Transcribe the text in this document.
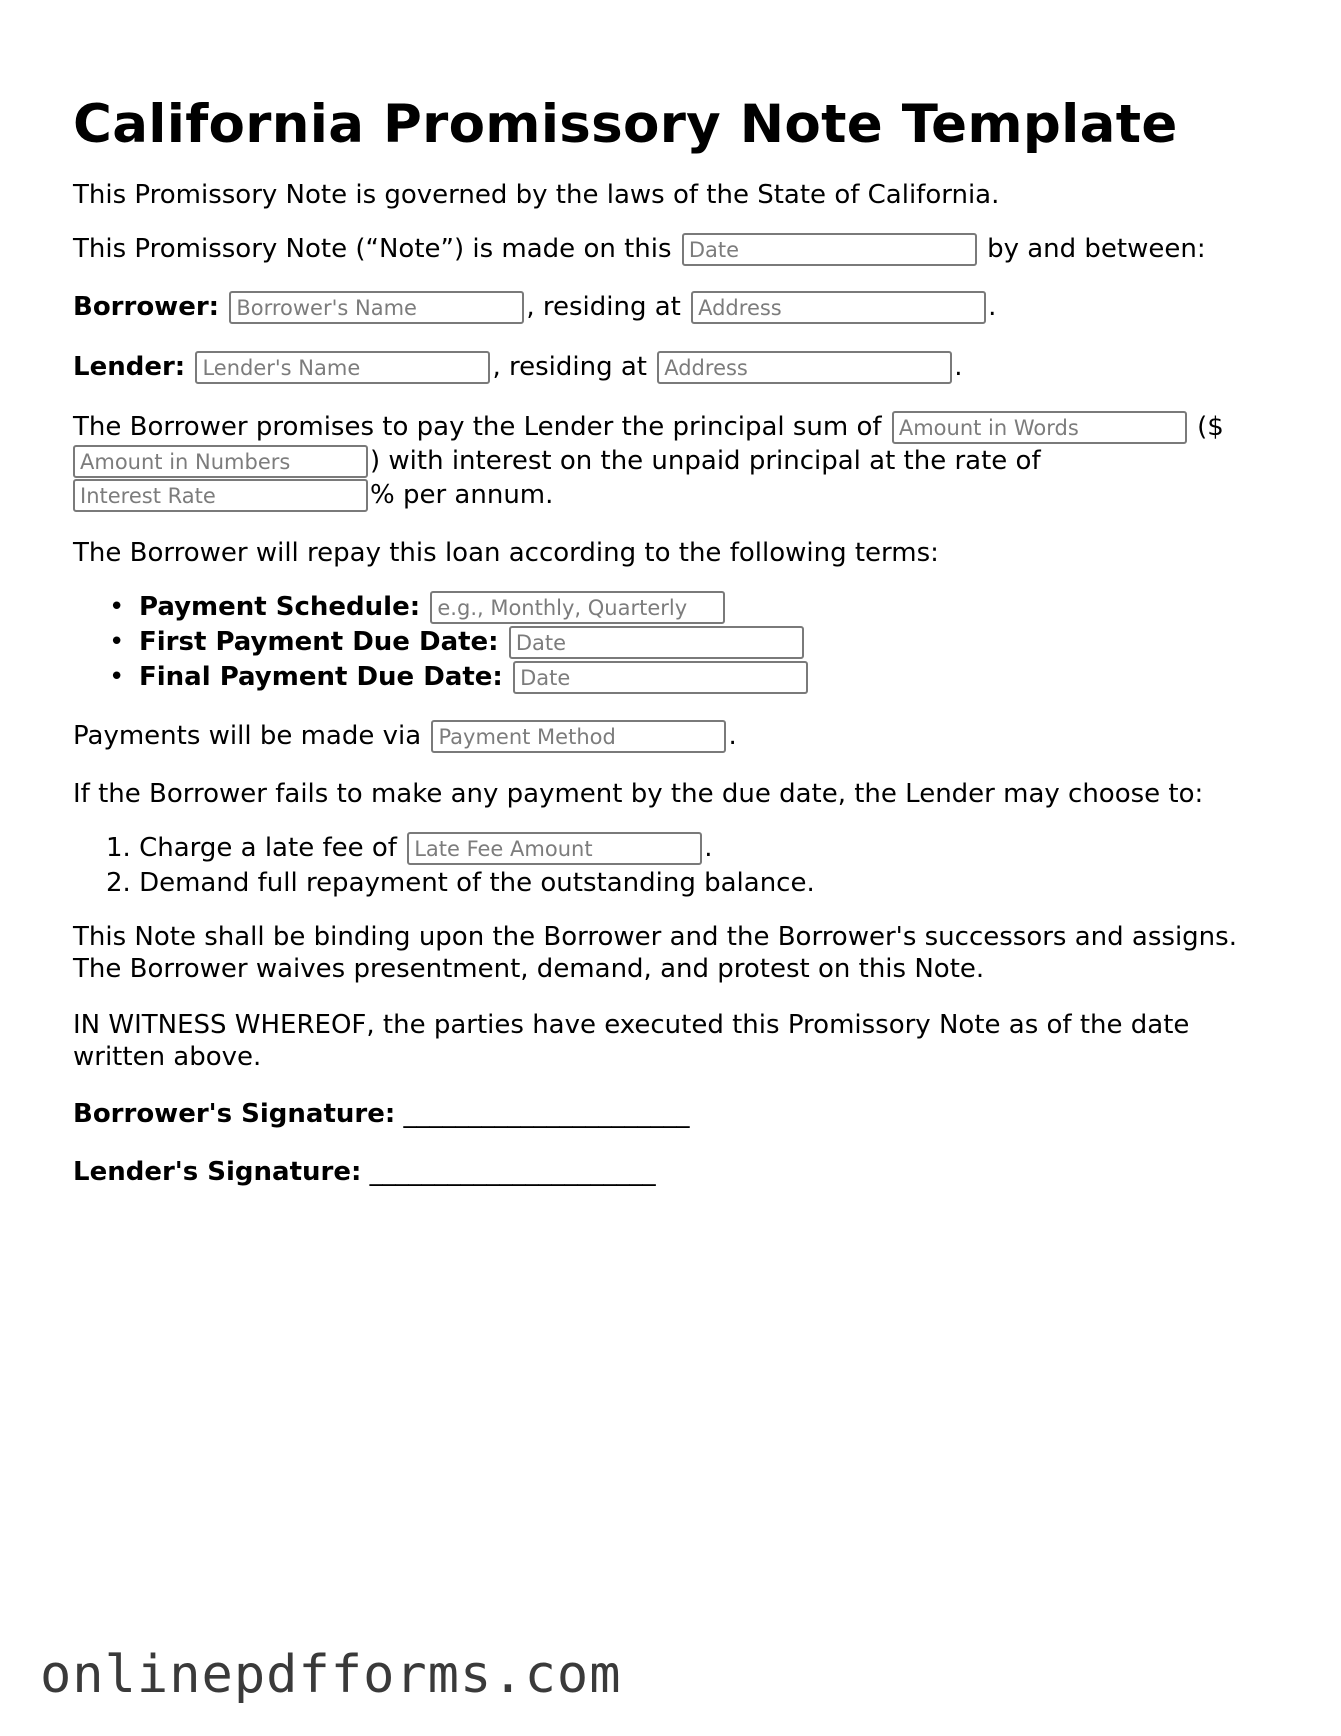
California Promissory Note Template

This Promissory Note is governed by the laws of the State of California.

This Promissory Note (“Note”) is made on this Date	by and between:

Borrower: Borrower's Name	, residing at Address	.

Lender: Lender's Name	, residing at Address	.

The Borrower promises to pay the Lender the principal sum of Amount in Words	($
Amount in Numbers) with interest on the unpaid principal at the rate of
Interest Rate% per annum.

The Borrower will repay this loan according to the following terms:

• Payment Schedule: e.g., Monthly, Quarterly
• First Payment Due Date: Date
• Final Payment Due Date: Date

Payments will be made via Payment Method	.

If the Borrower fails to make any payment by the due date, the Lender may choose to:

1. Charge a late fee of Late Fee Amount	.
2. Demand full repayment of the outstanding balance.

This Note shall be binding upon the Borrower and the Borrower's successors and assigns. The Borrower waives presentment, demand, and protest on this Note.

IN WITNESS WHEREOF, the parties have executed this Promissory Note as of the date written above.

Borrower's Signature: ______________________

Lender's Signature: ______________________

onlinepdfforms.com
